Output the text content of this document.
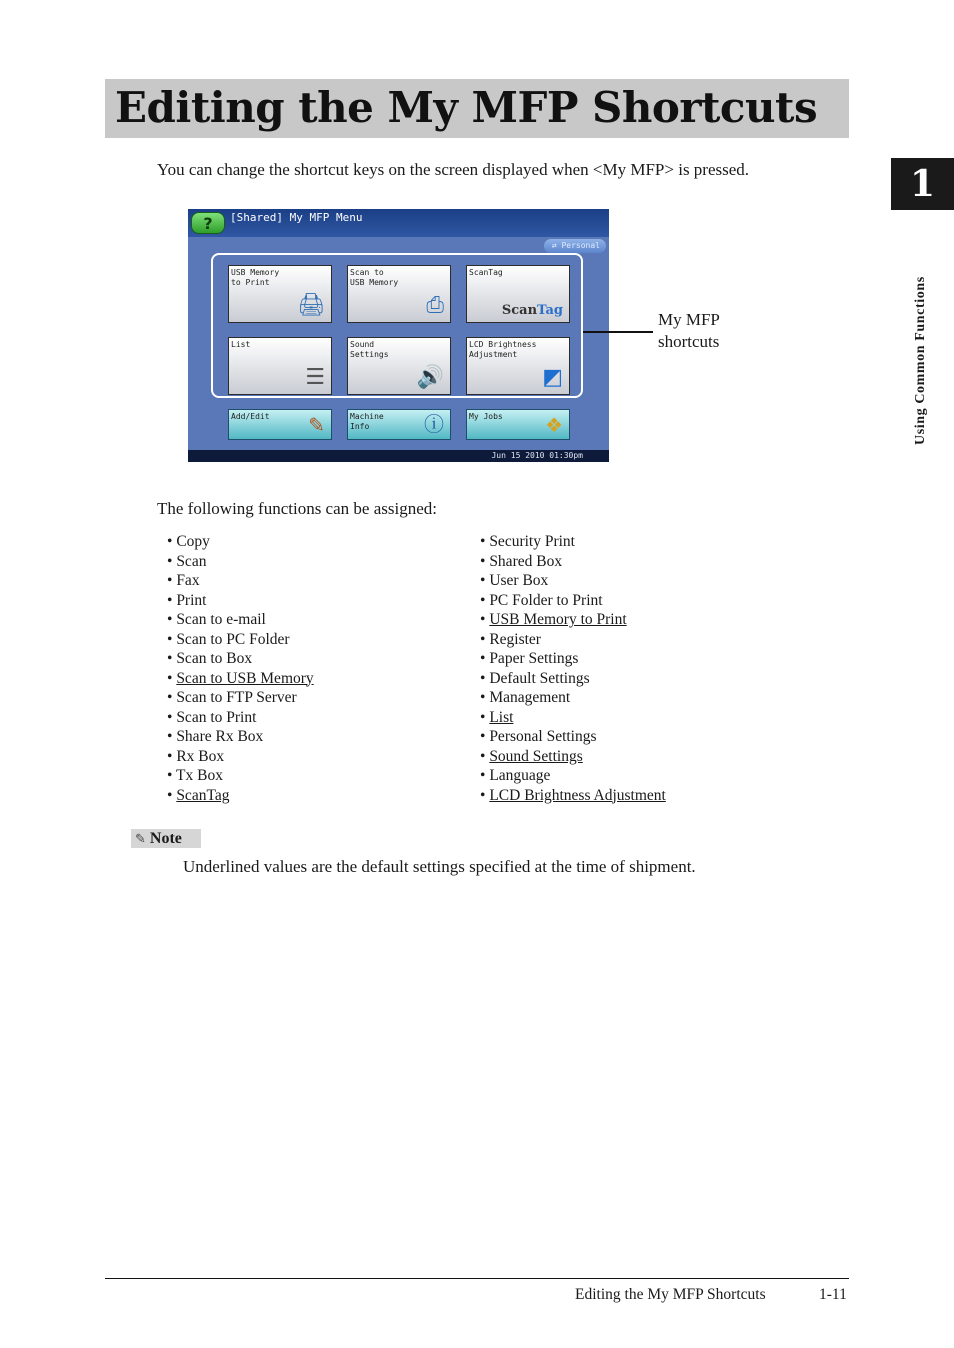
Editing the My MFP Shortcuts

You can change the shortcut keys on the screen displayed when <My MFP> is pressed.	1
Using Common Functions
?	[Shared] My MFP Menu
⇄ Personal
USB Memory
to Print
🖨
Scan to
USB Memory
⎙
ScanTag
ScanTag
List
☰
Sound
Settings
🔊
LCD Brightness
Adjustment
◩
Add/Edit ✎	Machine
Info	ⓘ	My Jobs ❖
Jun 15 2010 01:30pm
My MFP
shortcuts

The following functions can be assigned:

• Copy
• Scan
• Fax
• Print
• Scan to e-mail
• Scan to PC Folder
• Scan to Box
• Scan to USB Memory
• Scan to FTP Server
• Scan to Print
• Share Rx Box
• Rx Box
• Tx Box
• ScanTag
• Security Print
• Shared Box
• User Box
• PC Folder to Print
• USB Memory to Print
• Register
• Paper Settings
• Default Settings
• Management
• List
• Personal Settings
• Sound Settings
• Language
• LCD Brightness Adjustment
✎ Note

Underlined values are the default settings specified at the time of shipment.

Editing the My MFP Shortcuts	1-11
